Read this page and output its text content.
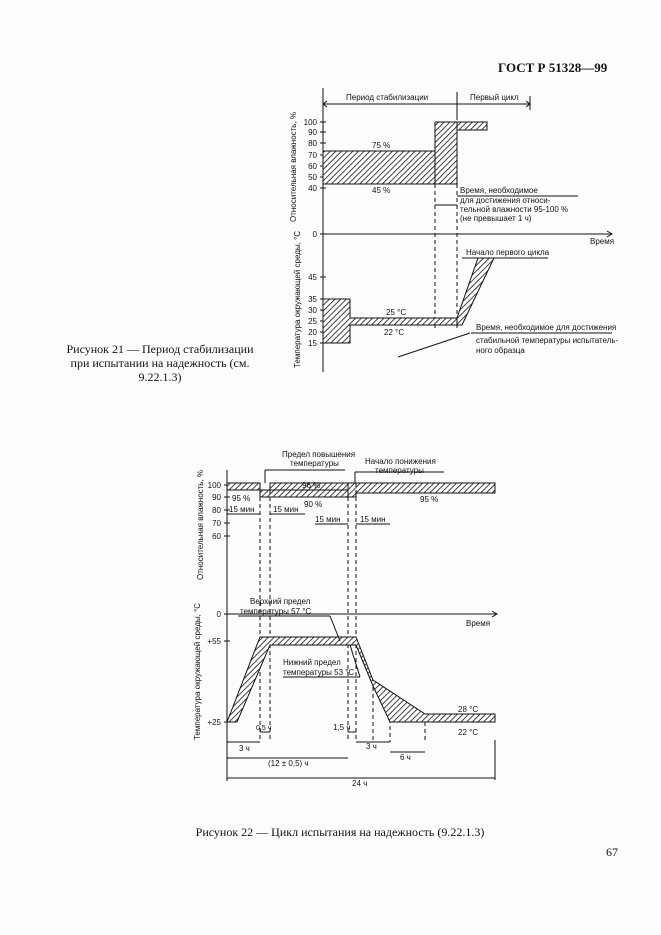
ГОСТ Р 51328—99
Период стабилизации	Первый цикл
Относительная влажность, %
Температура окружающей среды, °С
100
90
80
70
60
50
40
0
Время
45
35
30
25
20
15
75 %
45 %	Время, необходимое
для достижения относи-
тельной влажности 95-100 %
(не превышает 1 ч)
Начало первого цикла
25 °С
22 °С
Время, необходимое для достижения
стабильной температуры испытатель-
ного образца
Относительная влажность, %
Температура окружающей среды, °С
100
90
80
70
60
0
Время
+55
+25
Предел повышения
температуры	Начало понижения
температуры
95 %
96 %
90 %
95 %
15 мин 15 мин
15 мин 15 мин
Верхний предел
температуры 57 °С
Нижний предел
температуры 53 °С
28 °С
22 °С
3 ч
0,5 ч	1,5 ч
3 ч
6 ч
(12 ± 0,5) ч
24 ч
Рисунок 21 — Период стабилизации при испытании на надежность (см. 9.22.1.3)
Рисунок 22 — Цикл испытания на надежность (9.22.1.3)
67
